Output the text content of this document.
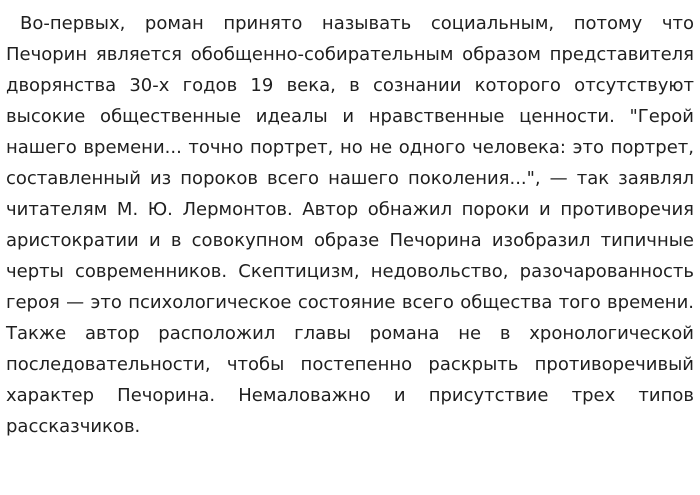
Во-первых, роман принято называть социальным, потому что Печорин является обобщенно-собирательным образом представителя дворянства 30-х годов 19 века, в сознании которого отсутствуют высокие общественные идеалы и нравственные ценности. "Герой нашего времени... точно портрет, но не одного человека: это портрет, составленный из пороков всего нашего поколения...", — так заявлял читателям М. Ю. Лермонтов. Автор обнажил пороки и противоречия аристократии и в совокупном образе Печорина изобразил типичные черты современников. Скептицизм, недовольство, разочарованность героя — это психологическое состояние всего общества того времени. Также автор расположил главы романа не в хронологической последовательности, чтобы постепенно раскрыть противоречивый характер Печорина. Немаловажно и присутствие трех типов рассказчиков.
